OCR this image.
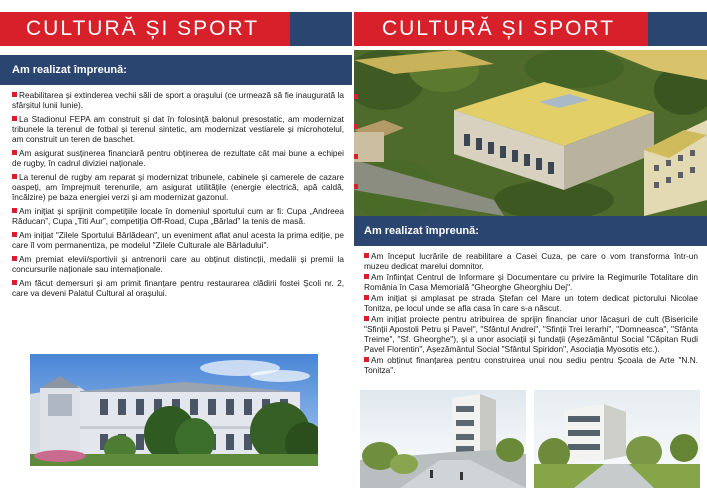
CULTURĂ ȘI SPORT
Am realizat împreună:
Reabilitarea și extinderea vechii săli de sport a orașului (ce urmează să fie inaugurată la sfârșitul lunii Iunie).
La Stadionul FEPA am construit și dat în folosință balonul presostatic, am modernizat tribunele la terenul de fotbal și terenul sintetic, am modernizat vestiarele și microhotelul, am construit un teren de baschet.
Am asigurat susținerea financiară pentru obținerea de rezultate cât mai bune a echipei de rugby, în cadrul diviziei naționale.
La terenul de rugby am reparat și modernizat tribunele, cabinele și camerele de cazare oaspeți, am împrejmuit terenurile, am asigurat utilitățile (energie electrică, apă caldă, încălzire) pe baza energiei verzi și am modernizat gazonul.
Am inițiat și sprijinit competițiile locale în domeniul sportului cum ar fi: Cupa „Andreea Răducan”, Cupa „Titi Aur”, competiția Off-Road, Cupa „Bârlad” la tenis de masă.
Am inițiat "Zilele Sportului Bârlădean", un eveniment aflat anul acesta la prima ediție, pe care îl vom permanentiza, pe modelul "Zilele Culturale ale Bârladului".
Am premiat elevii/sportivii și antrenorii care au obținut distincții, medalii și premii la concursurile naționale sau internaționale.
Am făcut demersuri și am primit finanțare pentru restaurarea clădirii fostei Școli nr. 2, care va deveni Palatul Cultural al orașului.
CULTURĂ ȘI SPORT
Am realizat împreună:
Am început lucrările de reabilitare a Casei Cuza, pe care o vom transforma într-un muzeu dedicat marelui domnitor.
Am înființat Centrul de Informare și Documentare cu privire la Regimurile Totalitare din România în Casa Memorială "Gheorghe Gheorghiu Dej".
Am inițiat și amplasat pe strada Ștefan cel Mare un totem dedicat pictorului Nicolae Tonitza, pe locul unde se afla casa în care s-a născut.
Am inițiat proiecte pentru atribuirea de sprijin financiar unor lăcașuri de cult (Bisericile "Sfinții Apostoli Petru și Pavel", "Sfântul Andrei", "Sfinții Trei Ierarhi", "Domneasca", "Sfânta Treime", "Sf. Gheorghe"), și a unor asociații și fundații (Așezământul Social "Căpitan Rudi Pavel Florentin", Așezământul Social "Sfântul Spiridon", Asociația Myosotis etc.).
Am obținut finanțarea pentru construirea unui nou sediu pentru Școala de Arte "N.N. Tonitza".
